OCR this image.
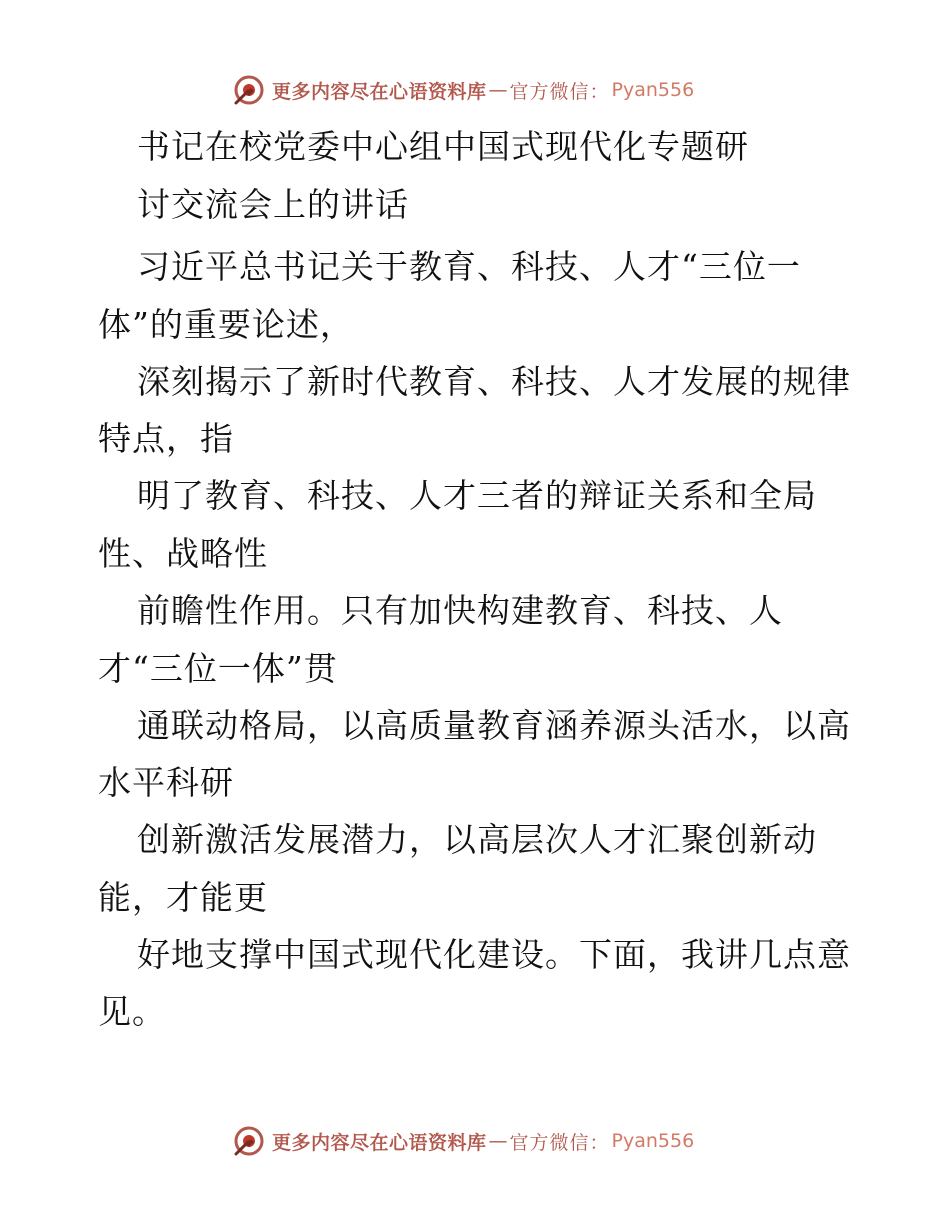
更多内容尽在心语资料库 — 官方微信： Pyan556
书记在校党委中心组中国式现代化专题研
讨交流会上的讲话
习近平总书记关于教育、科技、人才“三位一
体”的重要论述，
深刻揭示了新时代教育、科技、人才发展的规律
特点，指
明了教育、科技、人才三者的辩证关系和全局
性、战略性
前瞻性作用。只有加快构建教育、科技、人
才“三位一体”贯
通联动格局，以高质量教育涵养源头活水，以高
水平科研
创新激活发展潜力，以高层次人才汇聚创新动
能，才能更
好地支撑中国式现代化建设。下面，我讲几点意
见。
更多内容尽在心语资料库 — 官方微信： Pyan556
